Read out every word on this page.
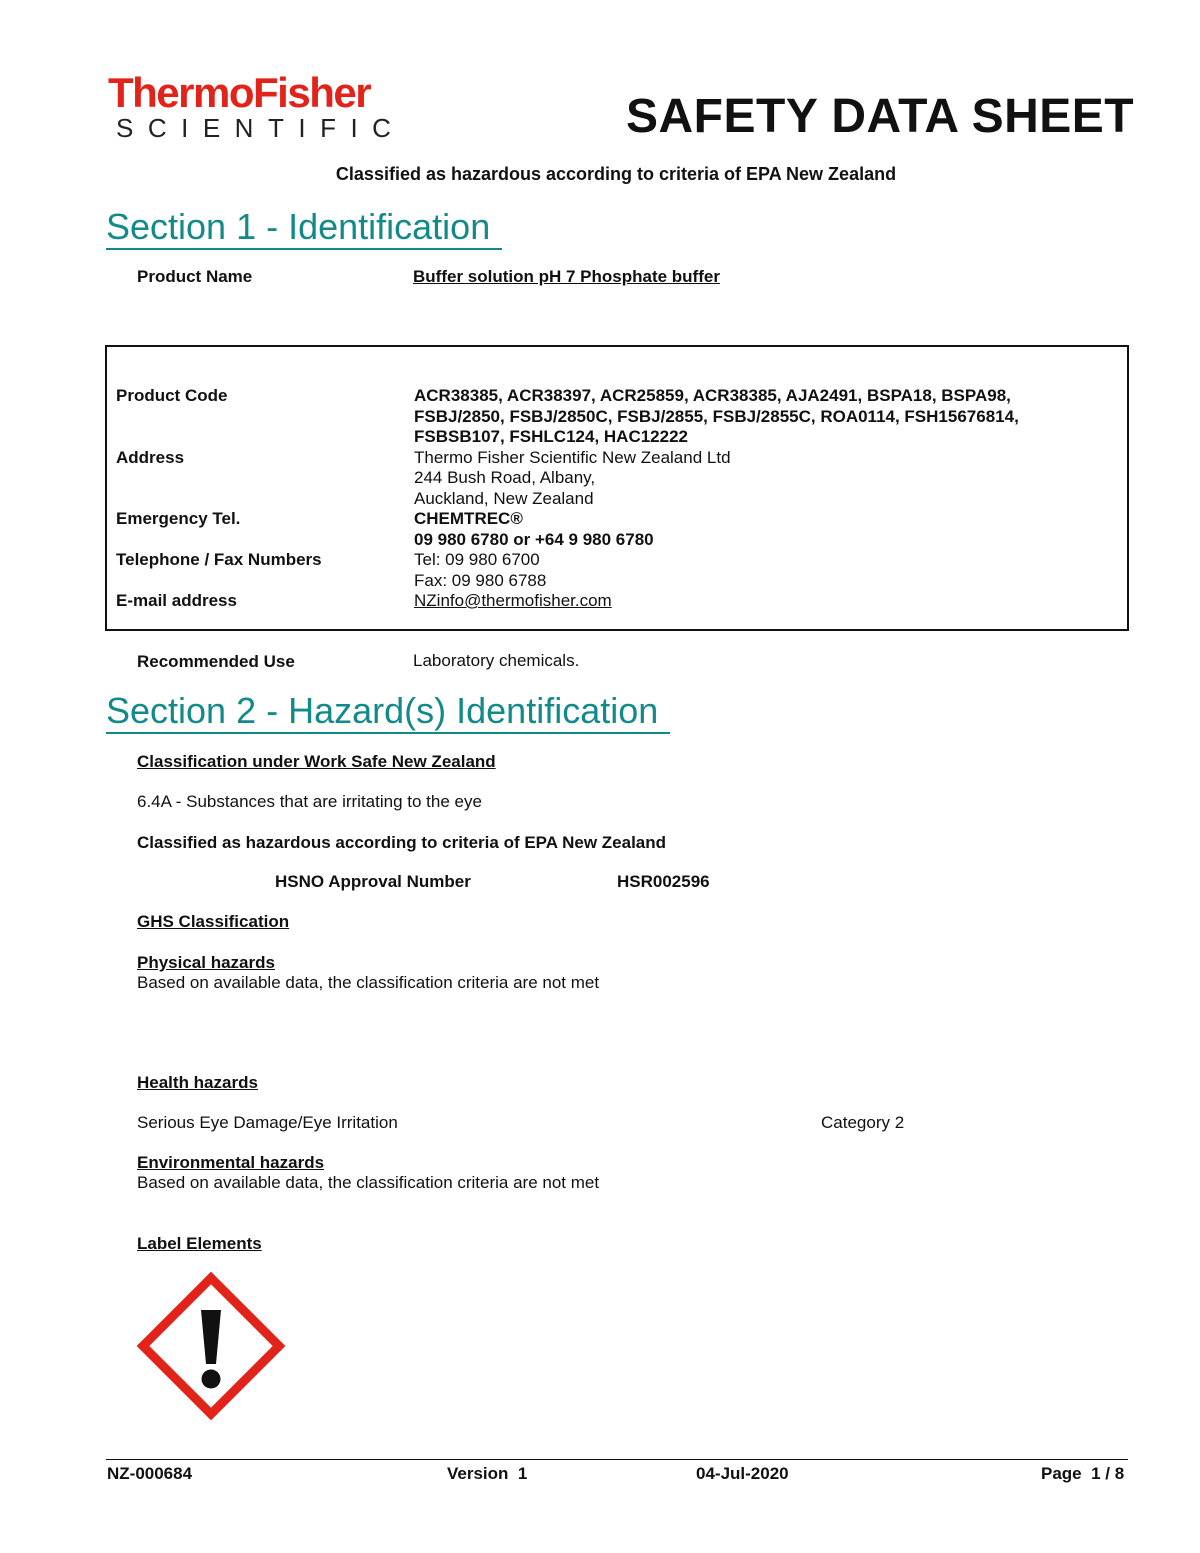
ThermoFisher
SCIENTIFIC	SAFETY DATA SHEET
Classified as hazardous according to criteria of EPA New Zealand
Section 1 - Identification
Product Name	Buffer solution pH 7 Phosphate buffer
Product Code	ACR38385, ACR38397, ACR25859, ACR38385, AJA2491, BSPA18, BSPA98,
FSBJ/2850, FSBJ/2850C, FSBJ/2855, FSBJ/2855C, ROA0114, FSH15676814,
FSBSB107, FSHLC124, HAC12222

Address	Thermo Fisher Scientific New Zealand Ltd
244 Bush Road, Albany,
Auckland, New Zealand

Emergency Tel.	CHEMTREC®
09 980 6780 or +64 9 980 6780

Telephone / Fax Numbers	Tel: 09 980 6700
Fax: 09 980 6788

E-mail address	NZinfo@thermofisher.com
Recommended Use	Laboratory chemicals.
Section 2 - Hazard(s) Identification
Classification under Work Safe New Zealand
6.4A - Substances that are irritating to the eye
Classified as hazardous according to criteria of EPA New Zealand
HSNO Approval Number	HSR002596
GHS Classification
Physical hazards
Based on available data, the classification criteria are not met
Health hazards
Serious Eye Damage/Eye Irritation	Category 2
Environmental hazards
Based on available data, the classification criteria are not met
Label Elements
NZ-000684	Version  1	04-Jul-2020	Page  1 / 8
